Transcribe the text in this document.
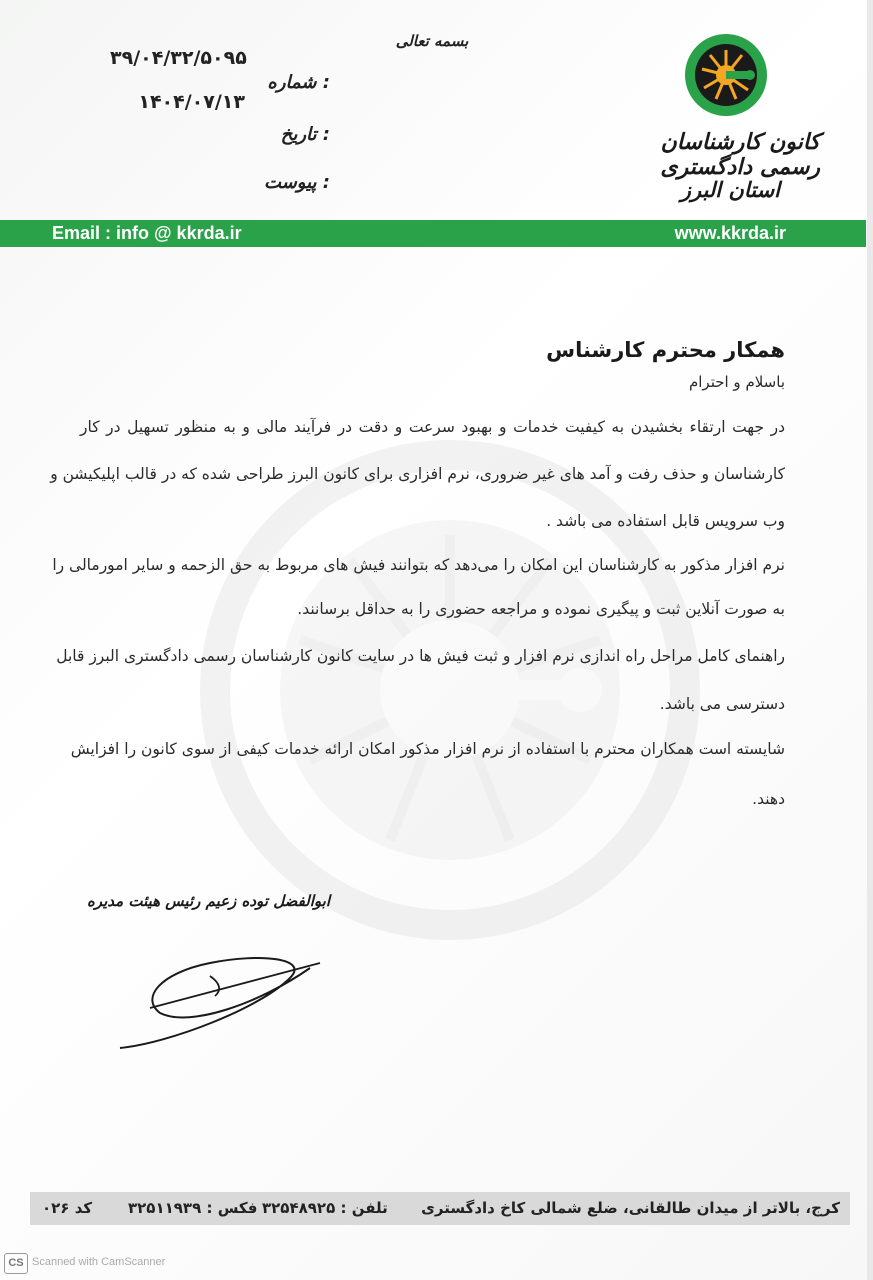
بسمه تعالی
کانون کارشناسان رسمی دادگستری
استان البرز
شماره :
تاریخ :
پیوست :
۳۹/۰۴/۳۲/۵۰۹۵
۱۴۰۴/۰۷/۱۳
Email : info @ kkrda.ir	www.kkrda.ir
همکار محترم کارشناس
باسلام و احترام
در جهت ارتقاء بخشیدن به کیفیت خدمات و بهبود سرعت و دقت در فرآیند مالی و به منظور تسهیل در کار
کارشناسان و حذف رفت و آمد های غیر ضروری، نرم افزاری برای کانون البرز طراحی شده که در قالب اپلیکیشن و
وب سرویس قابل استفاده می باشد .
نرم افزار مذکور به کارشناسان این امکان را می‌دهد که بتوانند فیش های مربوط به حق الزحمه و سایر امورمالی را
به صورت آنلاین ثبت و پیگیری نموده و مراجعه حضوری را به حداقل برسانند.
راهنمای کامل مراحل راه اندازی نرم افزار و ثبت فیش ها در سایت کانون کارشناسان رسمی دادگستری البرز قابل
دسترسی می باشد.
شایسته است همکاران محترم با استفاده از نرم افزار مذکور امکان ارائه خدمات کیفی از سوی کانون را افزایش
دهند.
ابوالفضل توده زعیم رئیس هیئت مدیره
کرج، بالاتر از میدان طالقانی، ضلع شمالی کاخ دادگستری
تلفن : ۳۲۵۴۸۹۲۵
فکس : ۳۲۵۱۱۹۳۹
کد ۰۲۶
CS Scanned with CamScanner
